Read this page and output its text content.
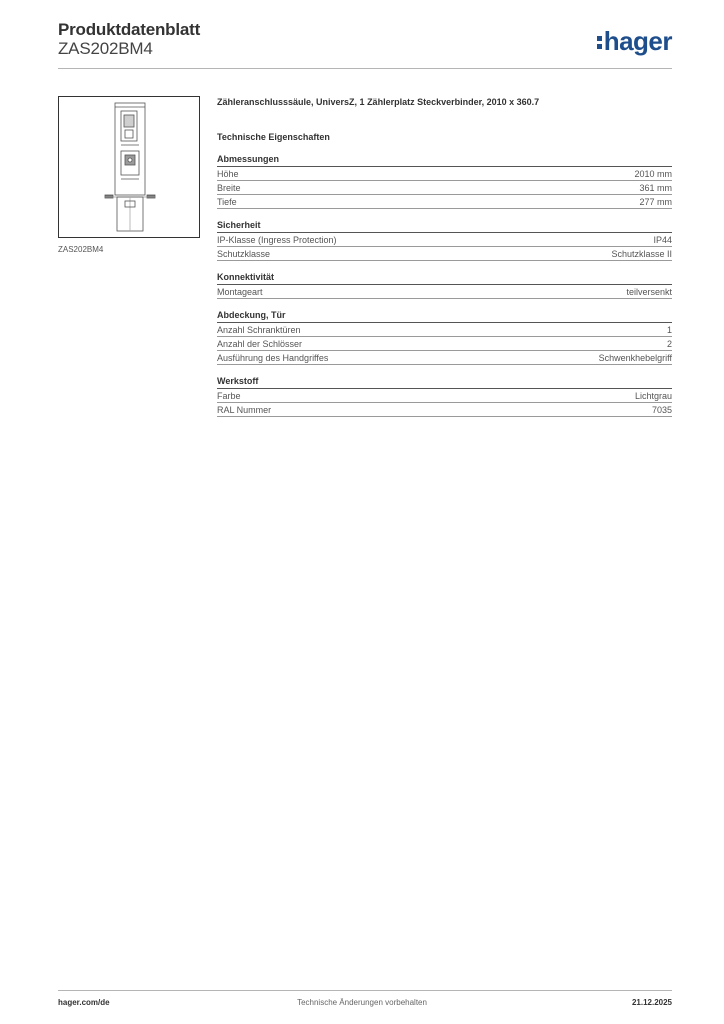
Produktdatenblatt
ZAS202BM4	hager
ZAS202BM4

Zähleranschlusssäule, UniversZ, 1 Zählerplatz Steckverbinder, 2010 x 360.7

Technische Eigenschaften
Abmessungen
Höhe	2010 mm
Breite	361 mm
Tiefe	277 mm
Sicherheit
IP-Klasse (Ingress Protection)	IP44
Schutzklasse	Schutzklasse II
Konnektivität
Montageart	teilversenkt
Abdeckung, Tür
Anzahl Schranktüren	1
Anzahl der Schlösser	2
Ausführung des Handgriffes	Schwenkhebelgriff
Werkstoff
Farbe	Lichtgrau
RAL Nummer	7035
hager.com/de	Technische Änderungen vorbehalten	21.12.2025
